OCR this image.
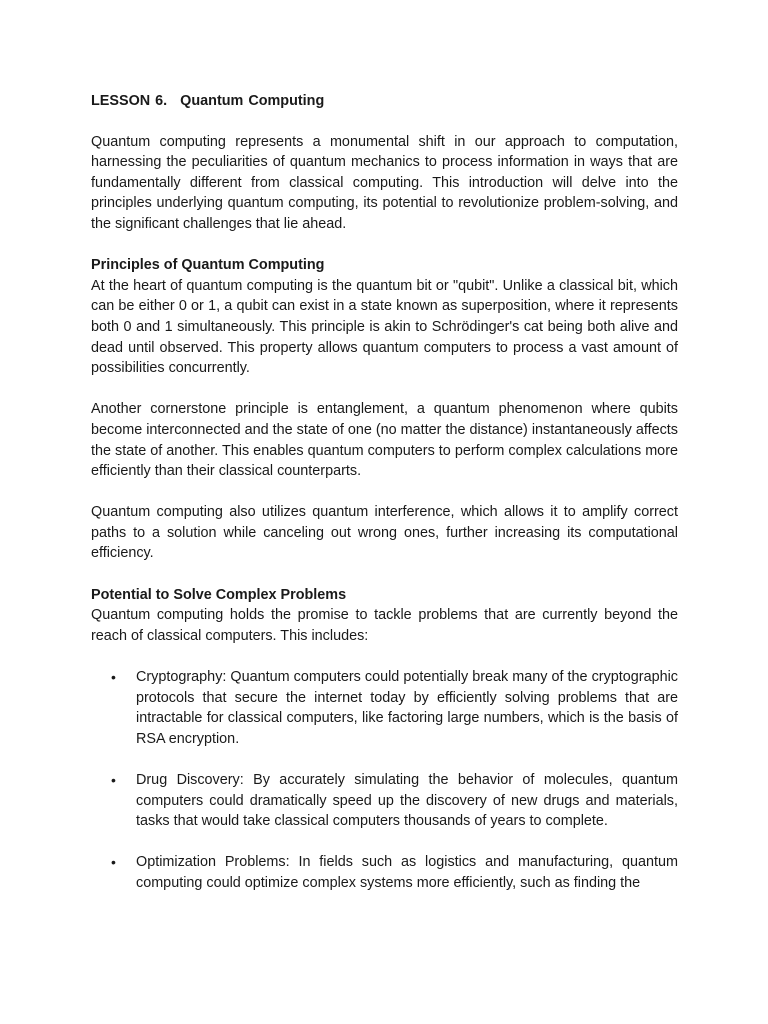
LESSON 6. Quantum Computing

Quantum computing represents a monumental shift in our approach to computation, harnessing the peculiarities of quantum mechanics to process information in ways that are fundamentally different from classical computing. This introduction will delve into the principles underlying quantum computing, its potential to revolutionize problem-solving, and the significant challenges that lie ahead.

Principles of Quantum Computing

At the heart of quantum computing is the quantum bit or "qubit". Unlike a classical bit, which can be either 0 or 1, a qubit can exist in a state known as superposition, where it represents both 0 and 1 simultaneously. This principle is akin to Schrödinger's cat being both alive and dead until observed. This property allows quantum computers to process a vast amount of possibilities concurrently.

Another cornerstone principle is entanglement, a quantum phenomenon where qubits become interconnected and the state of one (no matter the distance) instantaneously affects the state of another. This enables quantum computers to perform complex calculations more efficiently than their classical counterparts.

Quantum computing also utilizes quantum interference, which allows it to amplify correct paths to a solution while canceling out wrong ones, further increasing its computational efficiency.

Potential to Solve Complex Problems

Quantum computing holds the promise to tackle problems that are currently beyond the reach of classical computers. This includes:

• Cryptography: Quantum computers could potentially break many of the cryptographic protocols that secure the internet today by efficiently solving problems that are intractable for classical computers, like factoring large numbers, which is the basis of RSA encryption.
• Drug Discovery: By accurately simulating the behavior of molecules, quantum computers could dramatically speed up the discovery of new drugs and materials, tasks that would take classical computers thousands of years to complete.
• Optimization Problems: In fields such as logistics and manufacturing, quantum computing could optimize complex systems more efficiently, such as finding the
